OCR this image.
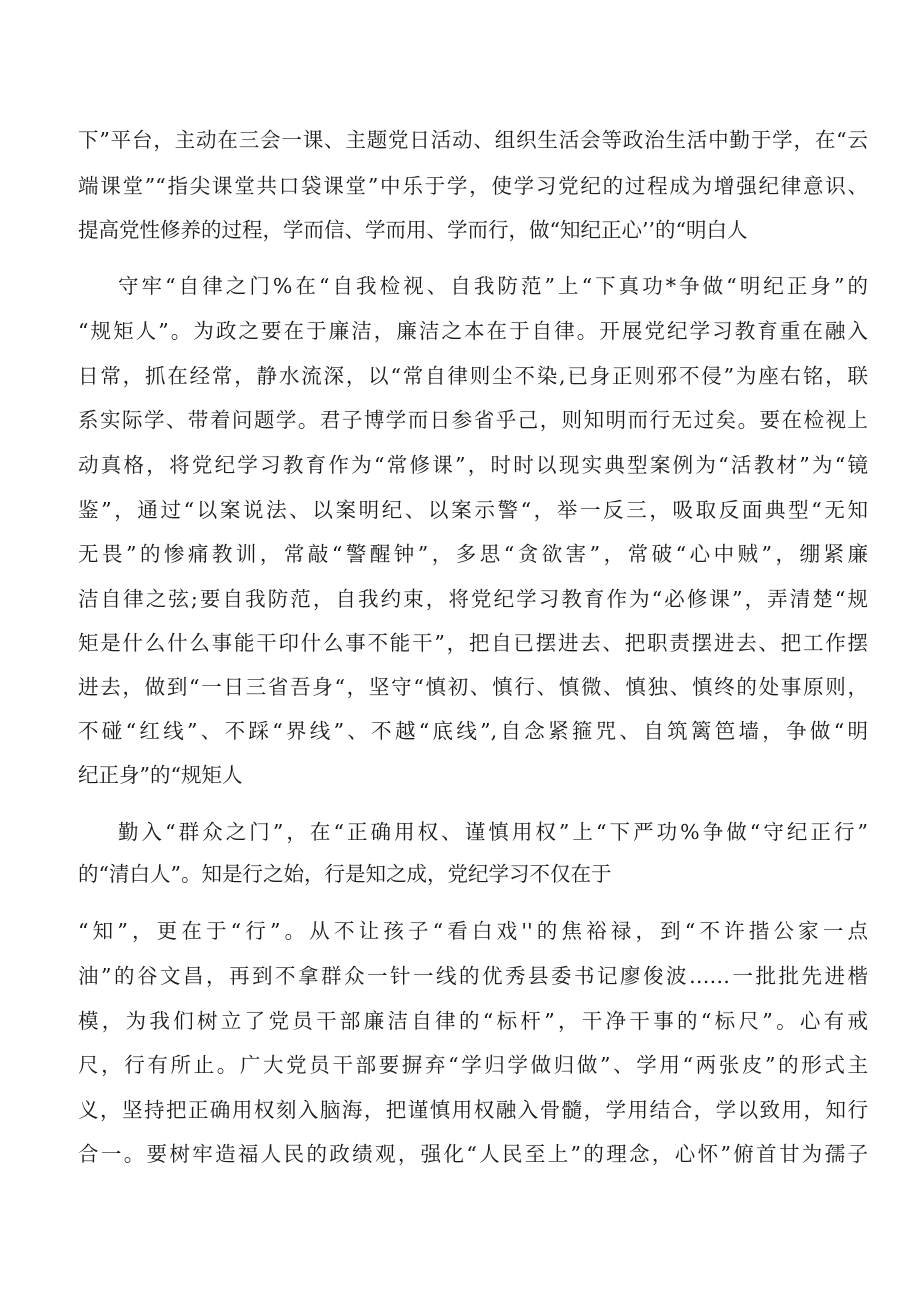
下”平台，主动在三会一课、主题党日活动、组织生活会等政治生活中勤于学，在“云
端课堂”“指尖课堂共口袋课堂”中乐于学，使学习党纪的过程成为增强纪律意识、
提高党性修养的过程，学而信、学而用、学而行，做“知纪正心’’的“明白人
守牢“自律之门%在“自我检视、自我防范”上“下真功*争做“明纪正身”的
“规矩人”。为政之要在于廉洁，廉洁之本在于自律。开展党纪学习教育重在融入
日常，抓在经常，静水流深，以“常自律则尘不染,已身正则邪不侵”为座右铭，联
系实际学、带着问题学。君子博学而日参省乎己，则知明而行无过矣。要在检视上
动真格，将党纪学习教育作为“常修课”，时时以现实典型案例为“活教材”为“镜
鉴”，通过“以案说法、以案明纪、以案示警“，举一反三，吸取反面典型“无知
无畏”的惨痛教训，常敲“警醒钟”，多思“贪欲害”，常破“心中贼”，绷紧廉
洁自律之弦;要自我防范，自我约束，将党纪学习教育作为“必修课”，弄清楚“规
矩是什么什么事能干印什么事不能干”，把自已摆进去、把职责摆进去、把工作摆
进去，做到“一日三省吾身“，坚守“慎初、慎行、慎微、慎独、慎终的处事原则，
不碰“红线”、不踩“界线”、不越“底线”,自念紧箍咒、自筑篱笆墙，争做“明
纪正身”的“规矩人
勤入“群众之门”，在“正确用权、谨慎用权”上“下严功%争做“守纪正行”
的“清白人”。知是行之始，行是知之成，党纪学习不仅在于
“知”，更在于“行”。从不让孩子“看白戏''的焦裕禄，到“不许揩公家一点
油”的谷文昌，再到不拿群众一针一线的优秀县委书记廖俊波……一批批先进楷
模，为我们树立了党员干部廉洁自律的“标杆”，干净干事的“标尺”。心有戒
尺，行有所止。广大党员干部要摒弃“学归学做归做”、学用“两张皮”的形式主
义，坚持把正确用权刻入脑海，把谨慎用权融入骨髓，学用结合，学以致用，知行
合一。要树牢造福人民的政绩观，强化“人民至上”的理念，心怀”俯首甘为孺子
